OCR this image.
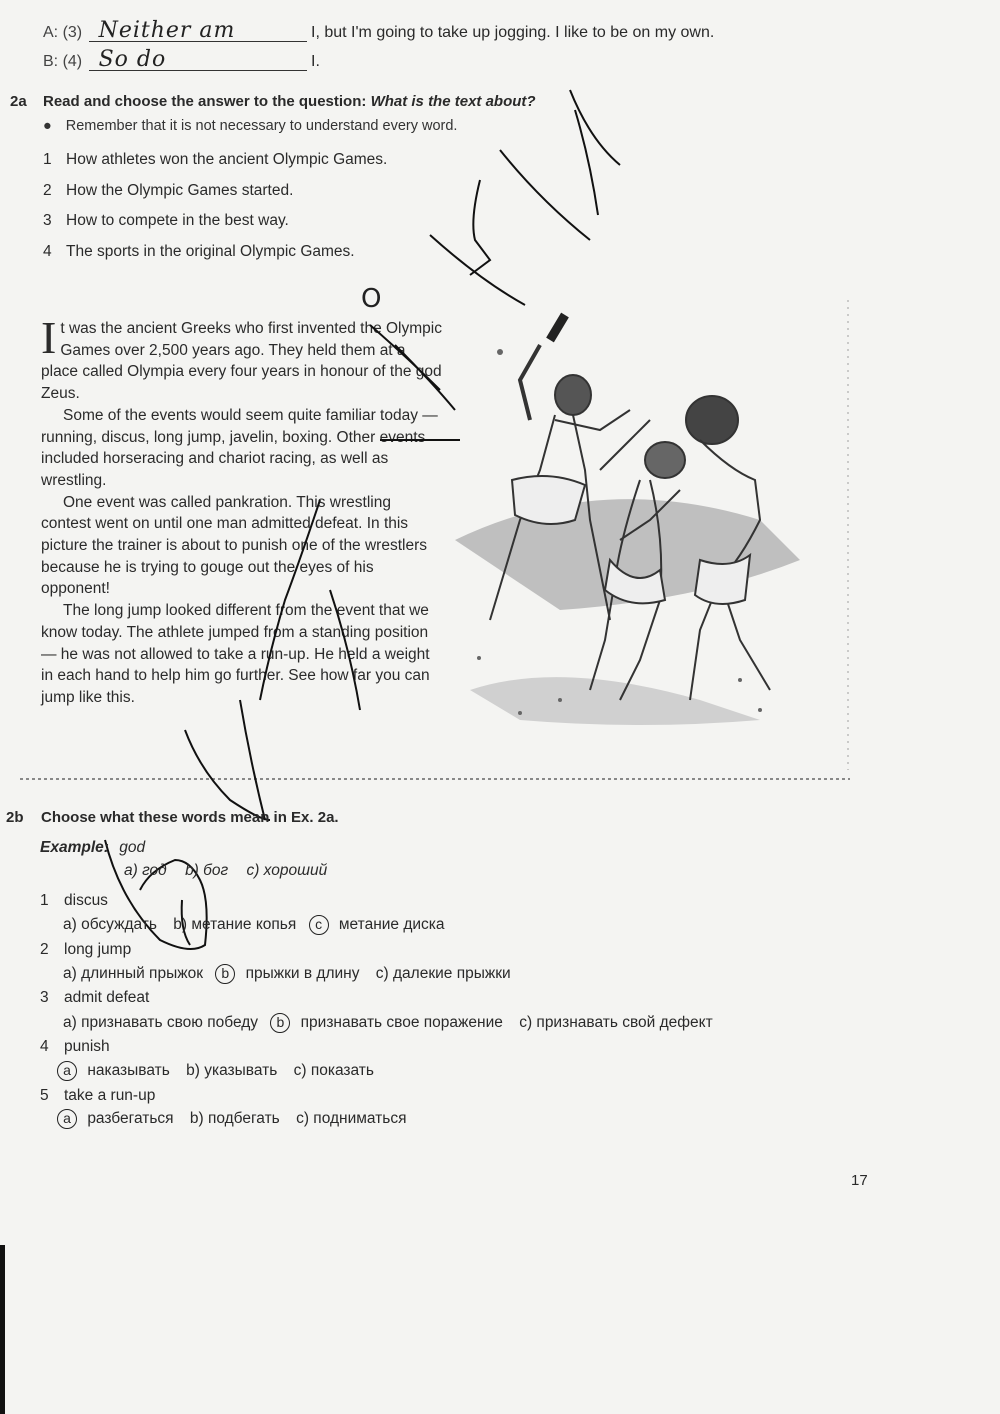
A: (3) Neither am	I, but I'm going to take up jogging. I like to be on my own.
B: (4) So do	I.
2a Read and choose the answer to the question: What is the text about?
● Remember that it is not necessary to understand every word.
1 How athletes won the ancient Olympic Games.
2 How the Olympic Games started.
3 How to compete in the best way.
4 The sports in the original Olympic Games.
O

It was the ancient Greeks who first invented the Olympic Games over 2,500 years ago. They held them at a place called Olympia every four years in honour of the god Zeus.

Some of the events would seem quite familiar today — running, discus, long jump, javelin, boxing. Other events included horseracing and chariot racing, as well as wrestling.

One event was called pankration. This wrestling contest went on until one man admitted defeat. In this picture the trainer is about to punish one of the wrestlers because he is trying to gouge out the eyes of his opponent!

The long jump looked different from the event that we know today. The athlete jumped from a standing position — he was not allowed to take a run-up. He held a weight in each hand to help him go further. See how far you can jump like this.

2b Choose what these words mean in Ex. 2a.
Example: god
a) год b) бог c) хороший
1 discus
a) обсуждать b) метание копья c метание диска
2 long jump
a) длинный прыжок b прыжки в длину c) далекие прыжки
3 admit defeat
a) признавать свою победу b признавать свое поражение c) признавать свой дефект
4 punish
a наказывать b) указывать c) показать
5 take a run-up
a разбегаться b) подбегать c) подниматься
17
